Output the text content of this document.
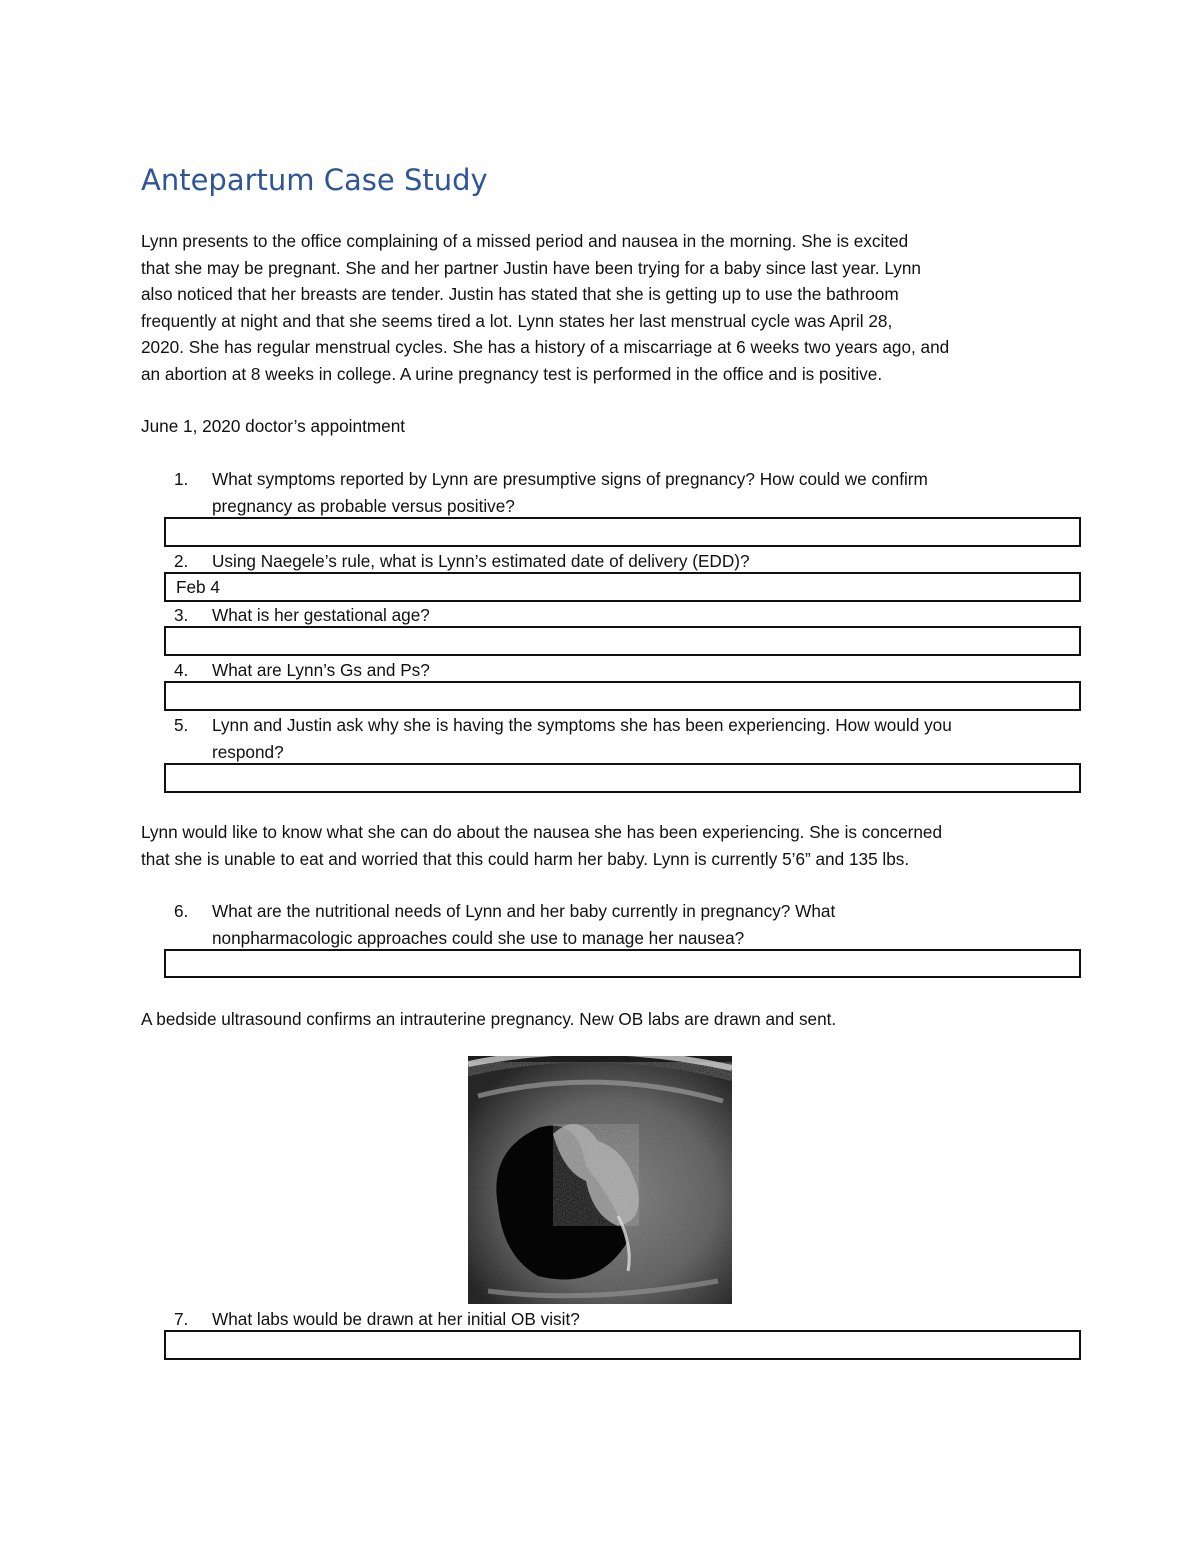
Antepartum Case Study
Lynn presents to the office complaining of a missed period and nausea in the morning. She is excited
that she may be pregnant. She and her partner Justin have been trying for a baby since last year. Lynn
also noticed that her breasts are tender. Justin has stated that she is getting up to use the bathroom
frequently at night and that she seems tired a lot. Lynn states her last menstrual cycle was April 28,
2020. She has regular menstrual cycles. She has a history of a miscarriage at 6 weeks two years ago, and
an abortion at 8 weeks in college. A urine pregnancy test is performed in the office and is positive.
June 1, 2020 doctor’s appointment
1. What symptoms reported by Lynn are presumptive signs of pregnancy? How could we confirm
pregnancy as probable versus positive?
2. Using Naegele’s rule, what is Lynn’s estimated date of delivery (EDD)?
Feb 4
3. What is her gestational age?
4. What are Lynn’s Gs and Ps?
5. Lynn and Justin ask why she is having the symptoms she has been experiencing. How would you
respond?
Lynn would like to know what she can do about the nausea she has been experiencing. She is concerned
that she is unable to eat and worried that this could harm her baby. Lynn is currently 5’6” and 135 lbs.
6. What are the nutritional needs of Lynn and her baby currently in pregnancy? What
nonpharmacologic approaches could she use to manage her nausea?
A bedside ultrasound confirms an intrauterine pregnancy. New OB labs are drawn and sent.
7. What labs would be drawn at her initial OB visit?
